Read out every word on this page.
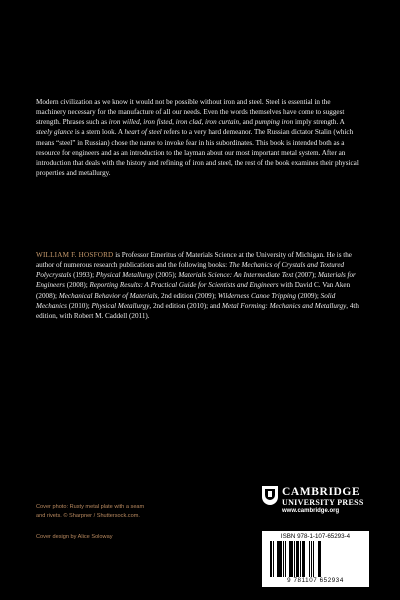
Modern civilization as we know it would not be possible without iron and steel. Steel is essential in the machinery necessary for the manufacture of all our needs. Even the words themselves have come to suggest strength. Phrases such as iron willed, iron fisted, iron clad, iron curtain, and pumping iron imply strength. A steely glance is a stern look. A heart of steel refers to a very hard demeanor. The Russian dictator Stalin (which means “steel” in Russian) chose the name to invoke fear in his subordinates. This book is intended both as a resource for engineers and as an introduction to the layman about our most important metal system. After an introduction that deals with the history and refining of iron and steel, the rest of the book examines their physical properties and metallurgy.
WILLIAM F. HOSFORD is Professor Emeritus of Materials Science at the University of Michigan. He is the author of numerous research publications and the following books: The Mechanics of Crystals and Textured Polycrystals (1993); Physical Metallurgy (2005); Materials Science: An Intermediate Text (2007); Materials for Engineers (2008); Reporting Results: A Practical Guide for Scientists and Engineers with David C. Van Aken (2008); Mechanical Behavior of Materials, 2nd edition (2009); Wilderness Canoe Tripping (2009); Solid Mechanics (2010); Physical Metallurgy, 2nd edition (2010); and Metal Forming: Mechanics and Metallurgy, 4th edition, with Robert M. Caddell (2011).
Cover photo: Rusty metal plate with a seam
and rivets. © Sharpner / Shuttersock.com.
Cover design by Alice Soloway
CAMBRIDGE
UNIVERSITY PRESS
www.cambridge.org
ISBN 978-1-107-65293-4
9 781107 652934
